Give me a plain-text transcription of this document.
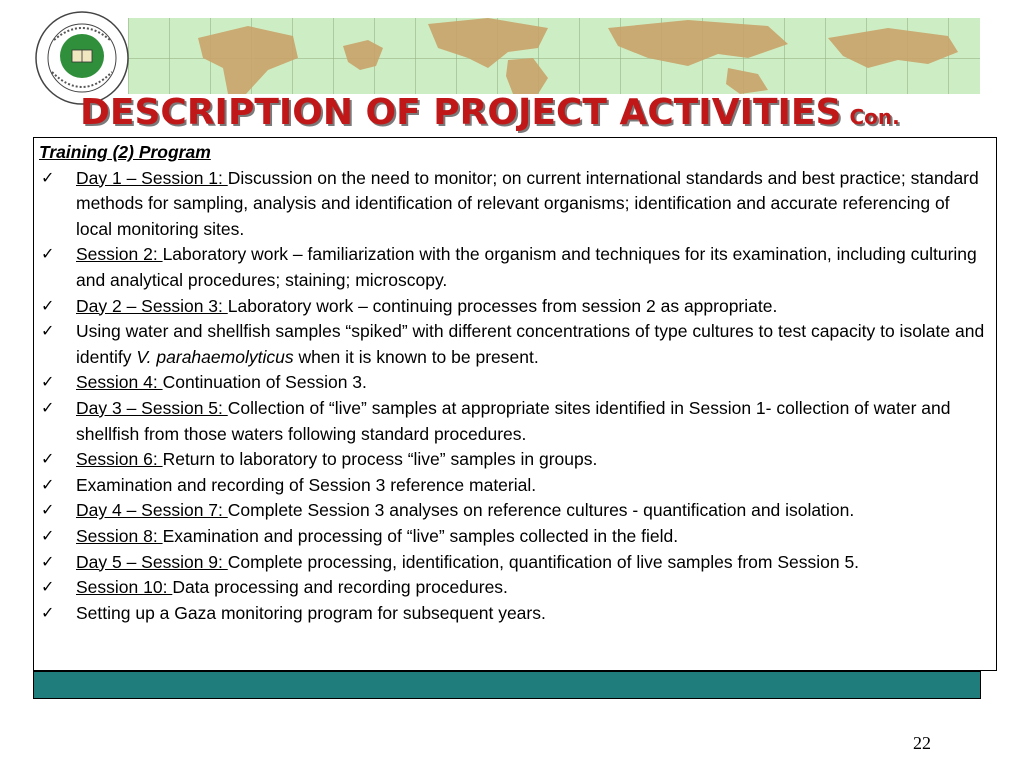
DESCRIPTION OF PROJECT ACTIVITIES Con.
Training (2) Program
✓ Day 1 – Session 1: Discussion on the need to monitor; on current international standards and best practice; standard methods for sampling, analysis and identification of relevant organisms; identification and accurate referencing of local monitoring sites.
✓ Session 2: Laboratory work – familiarization with the organism and techniques for its examination, including culturing and analytical procedures; staining; microscopy.
✓ Day 2 – Session 3: Laboratory work – continuing processes from session 2 as appropriate.
✓ Using water and shellfish samples “spiked” with different concentrations of type cultures to test capacity to isolate and identify V. parahaemolyticus when it is known to be present.
✓ Session 4: Continuation of Session 3.
✓ Day 3 – Session 5: Collection of “live” samples at appropriate sites identified in Session 1- collection of water and shellfish from those waters following standard procedures.
✓ Session 6: Return to laboratory to process “live” samples in groups.
✓ Examination and recording of Session 3 reference material.
✓ Day 4 – Session 7: Complete Session 3 analyses on reference cultures - quantification and isolation.
✓ Session 8: Examination and processing of “live” samples collected in the field.
✓ Day 5 – Session 9: Complete processing, identification, quantification of live samples from Session 5.
✓ Session 10: Data processing and recording procedures.
✓ Setting up a Gaza monitoring program for subsequent years.
22
